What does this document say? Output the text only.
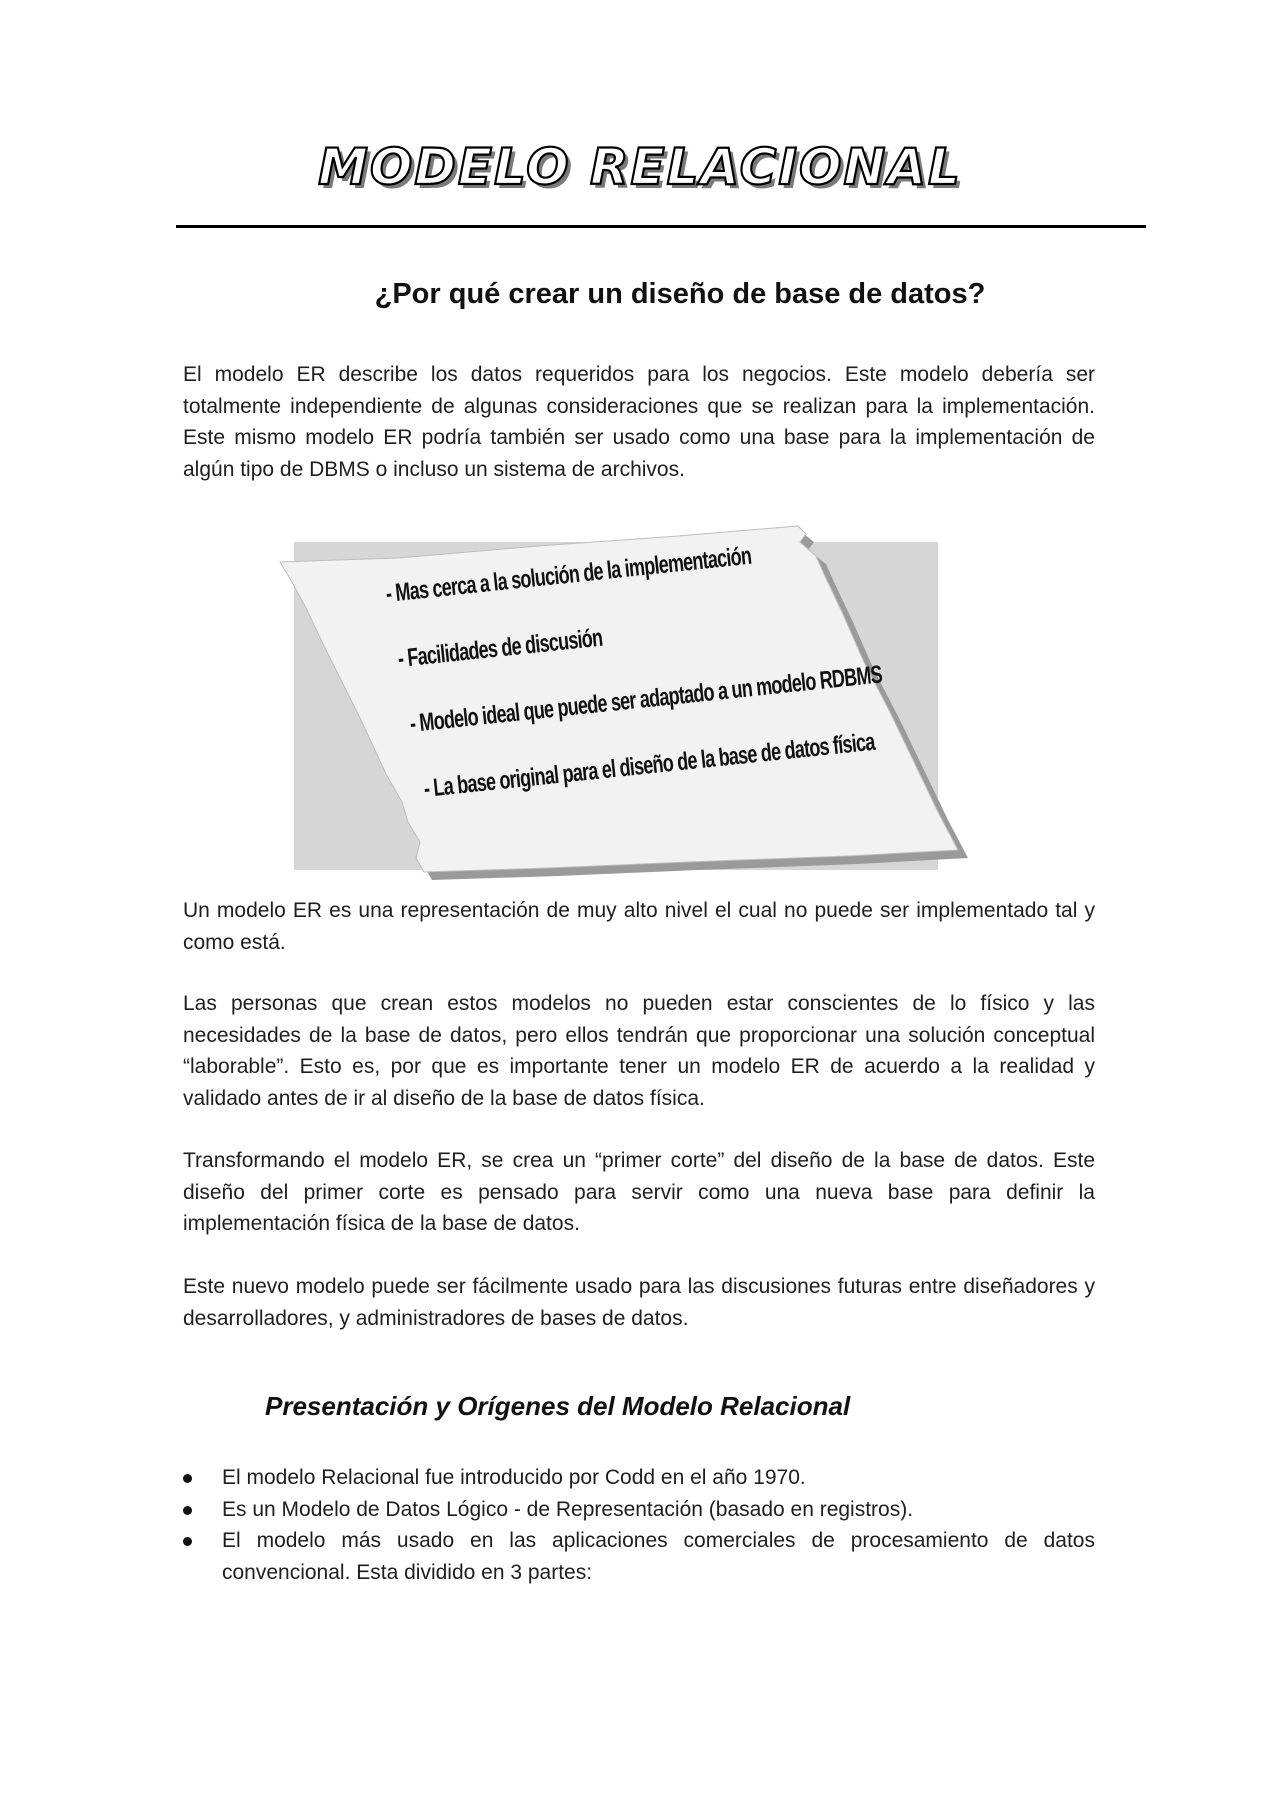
MODELO RELACIONAL
¿Por qué crear un diseño de base de datos?

El modelo ER describe los datos requeridos para los negocios. Este modelo debería ser totalmente independiente de algunas consideraciones que se realizan para la implementación. Este mismo modelo ER podría también ser usado como una base para la implementación de algún tipo de DBMS o incluso un sistema de archivos.

- Mas cerca a la solución de la implementación
- Facilidades de discusión
- Modelo ideal que puede ser adaptado a un modelo RDBMS
- La base original para el diseño de la base de datos física

Un modelo ER es una representación de muy alto nivel el cual no puede ser implementado tal y como está.

Las personas que crean estos modelos no pueden estar conscientes de lo físico y las necesidades de la base de datos, pero ellos tendrán que proporcionar una solución conceptual “laborable”. Esto es, por que es importante tener un modelo ER de acuerdo a la realidad y validado antes de ir al diseño de la base de datos física.

Transformando el modelo ER, se crea un “primer corte” del diseño de la base de datos. Este diseño del primer corte es pensado para servir como una nueva base para definir la implementación física de la base de datos.

Este nuevo modelo puede ser fácilmente usado para las discusiones futuras entre diseñadores y desarrolladores, y administradores de bases de datos.

Presentación y Orígenes del Modelo Relacional
El modelo Relacional fue introducido por Codd en el año 1970.
Es un Modelo de Datos Lógico - de Representación (basado en registros).
El modelo más usado en las aplicaciones comerciales de procesamiento de datos convencional. Esta dividido en 3 partes:
